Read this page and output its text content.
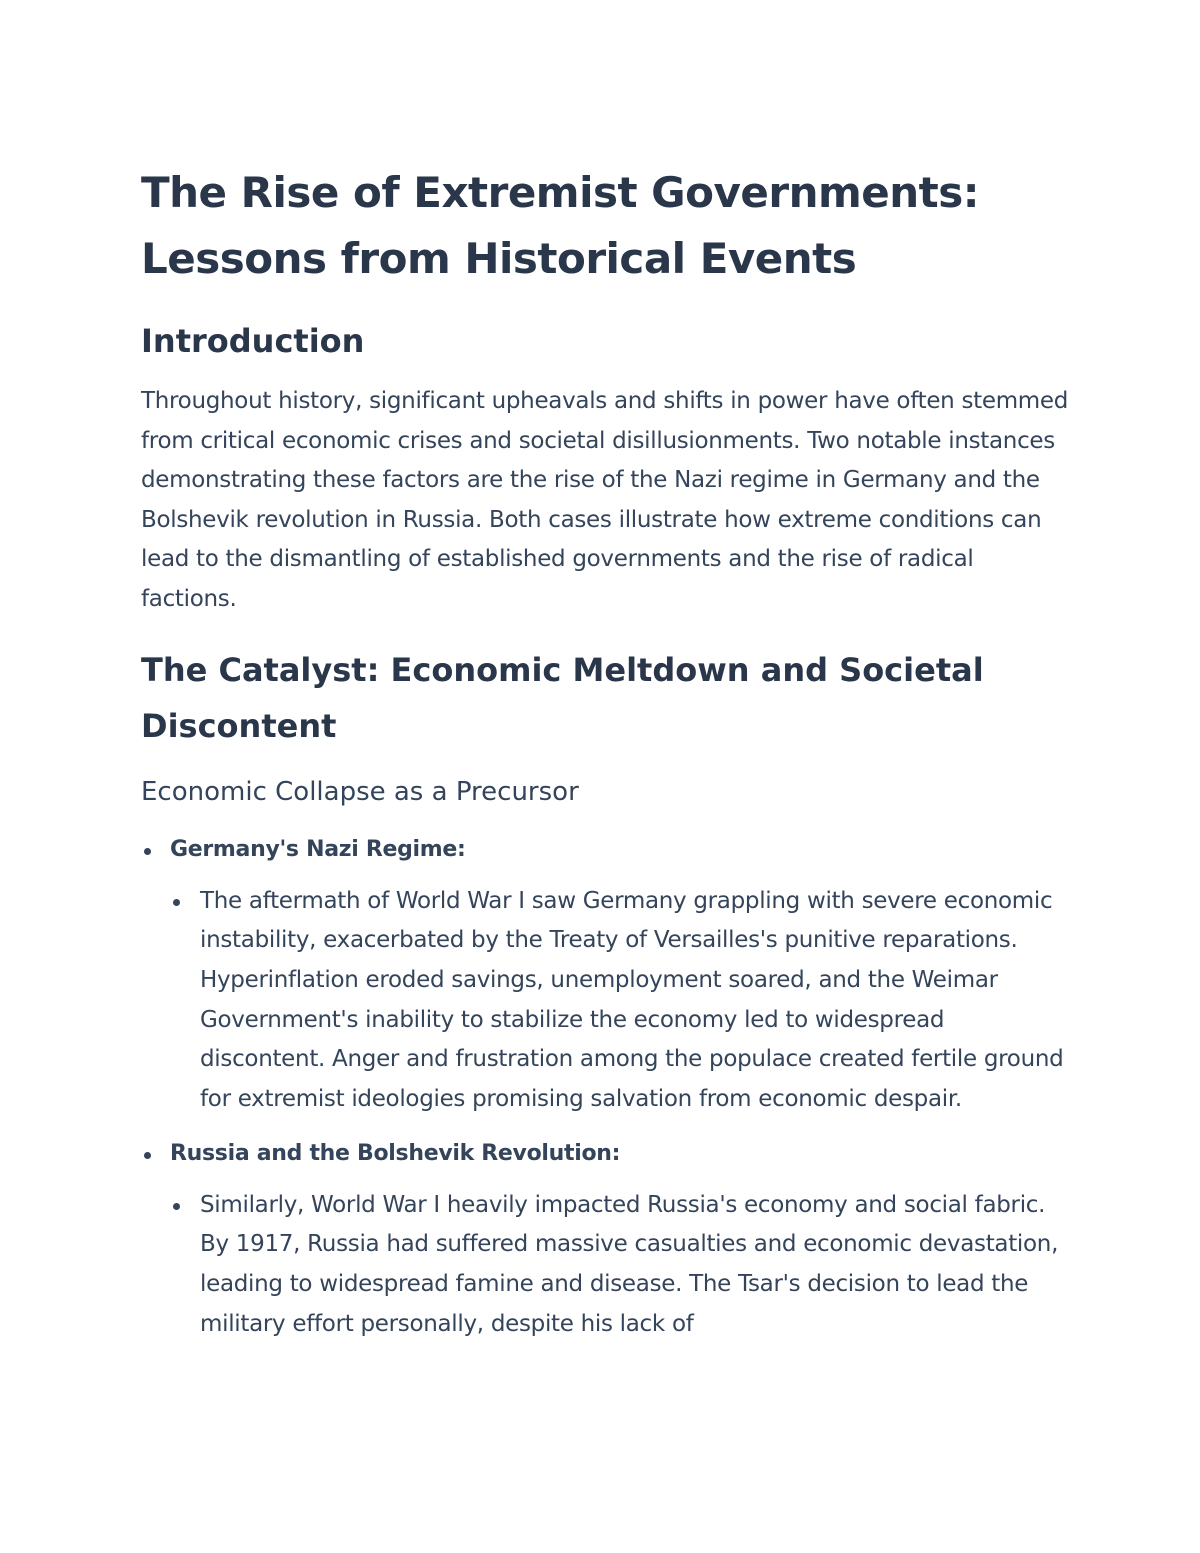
The Rise of Extremist Governments: Lessons from Historical Events
Introduction

Throughout history, significant upheavals and shifts in power have often stemmed from critical economic crises and societal disillusionments. Two notable instances demonstrating these factors are the rise of the Nazi regime in Germany and the Bolshevik revolution in Russia. Both cases illustrate how extreme conditions can lead to the dismantling of established governments and the rise of radical factions.

The Catalyst: Economic Meltdown and Societal Discontent
Economic Collapse as a Precursor
Germany's Nazi Regime:
The aftermath of World War I saw Germany grappling with severe economic instability, exacerbated by the Treaty of Versailles's punitive reparations. Hyperinflation eroded savings, unemployment soared, and the Weimar Government's inability to stabilize the economy led to widespread discontent. Anger and frustration among the populace created fertile ground for extremist ideologies promising salvation from economic despair.
Russia and the Bolshevik Revolution:
Similarly, World War I heavily impacted Russia's economy and social fabric. By 1917, Russia had suffered massive casualties and economic devastation, leading to widespread famine and disease. The Tsar's decision to lead the military effort personally, despite his lack of
